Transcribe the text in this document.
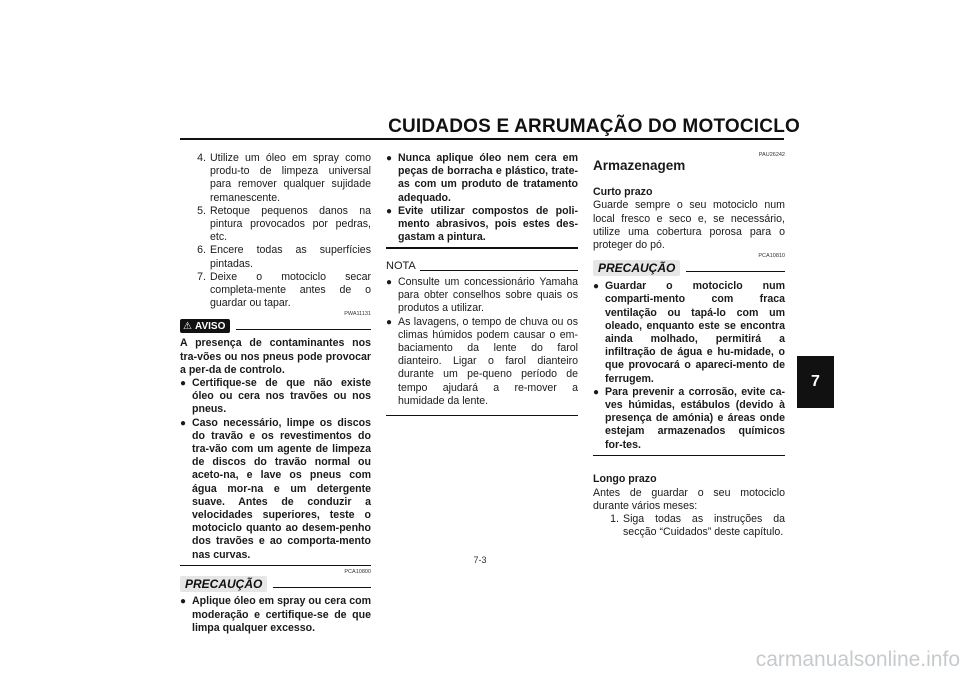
CUIDADOS E ARRUMAÇÃO DO MOTOCICLO
7
4. Utilize um óleo em spray como produ-to de limpeza universal para remover qualquer sujidade remanescente.
5. Retoque pequenos danos na pintura provocados por pedras, etc.
6. Encere todas as superfícies pintadas.
7. Deixe o motociclo secar completa-mente antes de o guardar ou tapar.
PWA11131
⚠ AVISO
A presença de contaminantes nos tra-vões ou nos pneus pode provocar a per-da de controlo.
● Certifique-se de que não existe óleo ou cera nos travões ou nos pneus.
● Caso necessário, limpe os discos do travão e os revestimentos do tra-vão com um agente de limpeza de discos do travão normal ou aceto-na, e lave os pneus com água mor-na e um detergente suave. Antes de conduzir a velocidades superiores, teste o motociclo quanto ao desem-penho dos travões e ao comporta-mento nas curvas.
PCA10800
PRECAUÇÃO
● Aplique óleo em spray ou cera com moderação e certifique-se de que limpa qualquer excesso.
● Nunca aplique óleo nem cera em peças de borracha e plástico, trate-as com um produto de tratamento adequado.
● Evite utilizar compostos de poli-mento abrasivos, pois estes des-gastam a pintura.
NOTA
● Consulte um concessionário Yamaha para obter conselhos sobre quais os produtos a utilizar.
● As lavagens, o tempo de chuva ou os climas húmidos podem causar o em-baciamento da lente do farol dianteiro. Ligar o farol dianteiro durante um pe-queno período de tempo ajudará a re-mover a humidade da lente.
PAU26242
Armazenagem
Curto prazo
Guarde sempre o seu motociclo num local fresco e seco e, se necessário, utilize uma cobertura porosa para o proteger do pó.
PCA10810
PRECAUÇÃO
● Guardar o motociclo num comparti-mento com fraca ventilação ou tapá-lo com um oleado, enquanto este se encontra ainda molhado, permitirá a infiltração de água e hu-midade, o que provocará o apareci-mento de ferrugem.
● Para prevenir a corrosão, evite ca-ves húmidas, estábulos (devido à presença de amónia) e áreas onde estejam armazenados químicos for-tes.
Longo prazo
Antes de guardar o seu motociclo durante vários meses:
1. Siga todas as instruções da secção “Cuidados” deste capítulo.
7-3
carmanualsonline.info
